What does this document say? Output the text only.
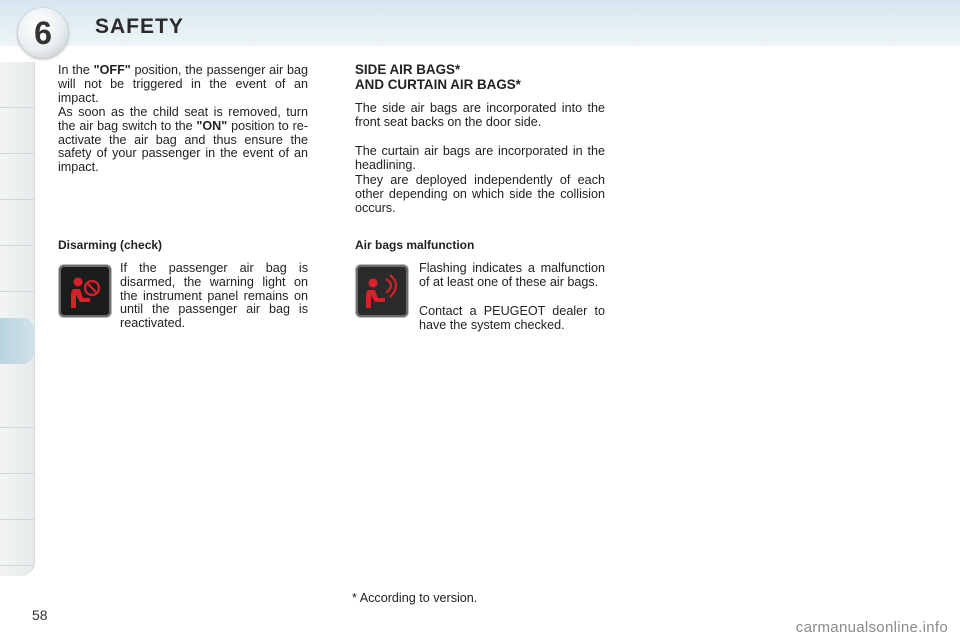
6	SAFETY

In the "OFF" position, the passenger air bag will not be triggered in the event of an impact.

As soon as the child seat is removed, turn the air bag switch to the "ON" position to re-activate the air bag and thus ensure the safety of your passenger in the event of an impact.

Disarming (check)

If the passenger air bag is disarmed, the warning light on the instrument panel remains on until the passenger air bag is reactivated.

SIDE AIR BAGS*
AND CURTAIN AIR BAGS*

The side air bags are incorporated into the front seat backs on the door side.

The curtain air bags are incorporated in the headlining.

They are deployed independently of each other depending on which side the collision occurs.

Air bags malfunction

Flashing indicates a malfunction of at least one of these air bags.

Contact a PEUGEOT dealer to have the system checked.

* According to version.
58
carmanualsonline.info
